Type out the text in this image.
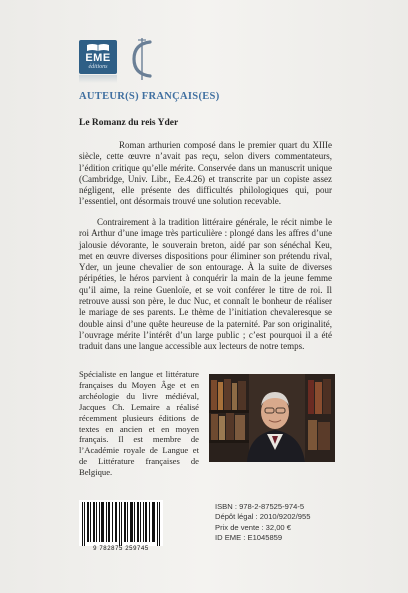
EME
éditions
AUTEUR(S) FRANÇAIS(ES)
Le Romanz du reis Yder

Roman arthurien composé dans le premier quart du XIIIe siècle, cette œuvre n’avait pas reçu, selon divers commentateurs, l’édition critique qu’elle mérite. Conservée dans un manuscrit unique (Cambridge, Univ. Libr., Ee.4.26) et transcrite par un copiste assez négligent, elle présente des difficultés philologiques qui, pour l’essentiel, ont désormais trouvé une solution recevable.

Contrairement à la tradition littéraire générale, le récit nimbe le roi Arthur d’une image très particulière : plongé dans les affres d’une jalousie dévorante, le souverain breton, aidé par son sénéchal Keu, met en œuvre diverses dispositions pour éliminer son prétendu rival, Yder, un jeune chevalier de son entourage. À la suite de diverses péripéties, le héros parvient à conquérir la main de la jeune femme qu’il aime, la reine Guenloïe, et se voit conférer le titre de roi. Il retrouve aussi son père, le duc Nuc, et connaît le bonheur de réaliser le mariage de ses parents. Le thème de l’initiation chevaleresque se double ainsi d’une quête heureuse de la paternité. Par son originalité, l’ouvrage mérite l’intérêt d’un large public ; c’est pourquoi il a été traduit dans une langue accessible aux lecteurs de notre temps.

Spécialiste en langue et littérature françaises du Moyen Âge et en archéologie du livre médiéval, Jacques Ch. Lemaire a réalisé récemment plusieurs éditions de textes en ancien et en moyen français. Il est membre de l’Académie royale de Langue et de Littérature françaises de Belgique.

9 782875 259745
ISBN : 978-2-87525-974-5
Dépôt légal : 2010/9202/955
Prix de vente : 32,00 €
ID EME : E1045859
